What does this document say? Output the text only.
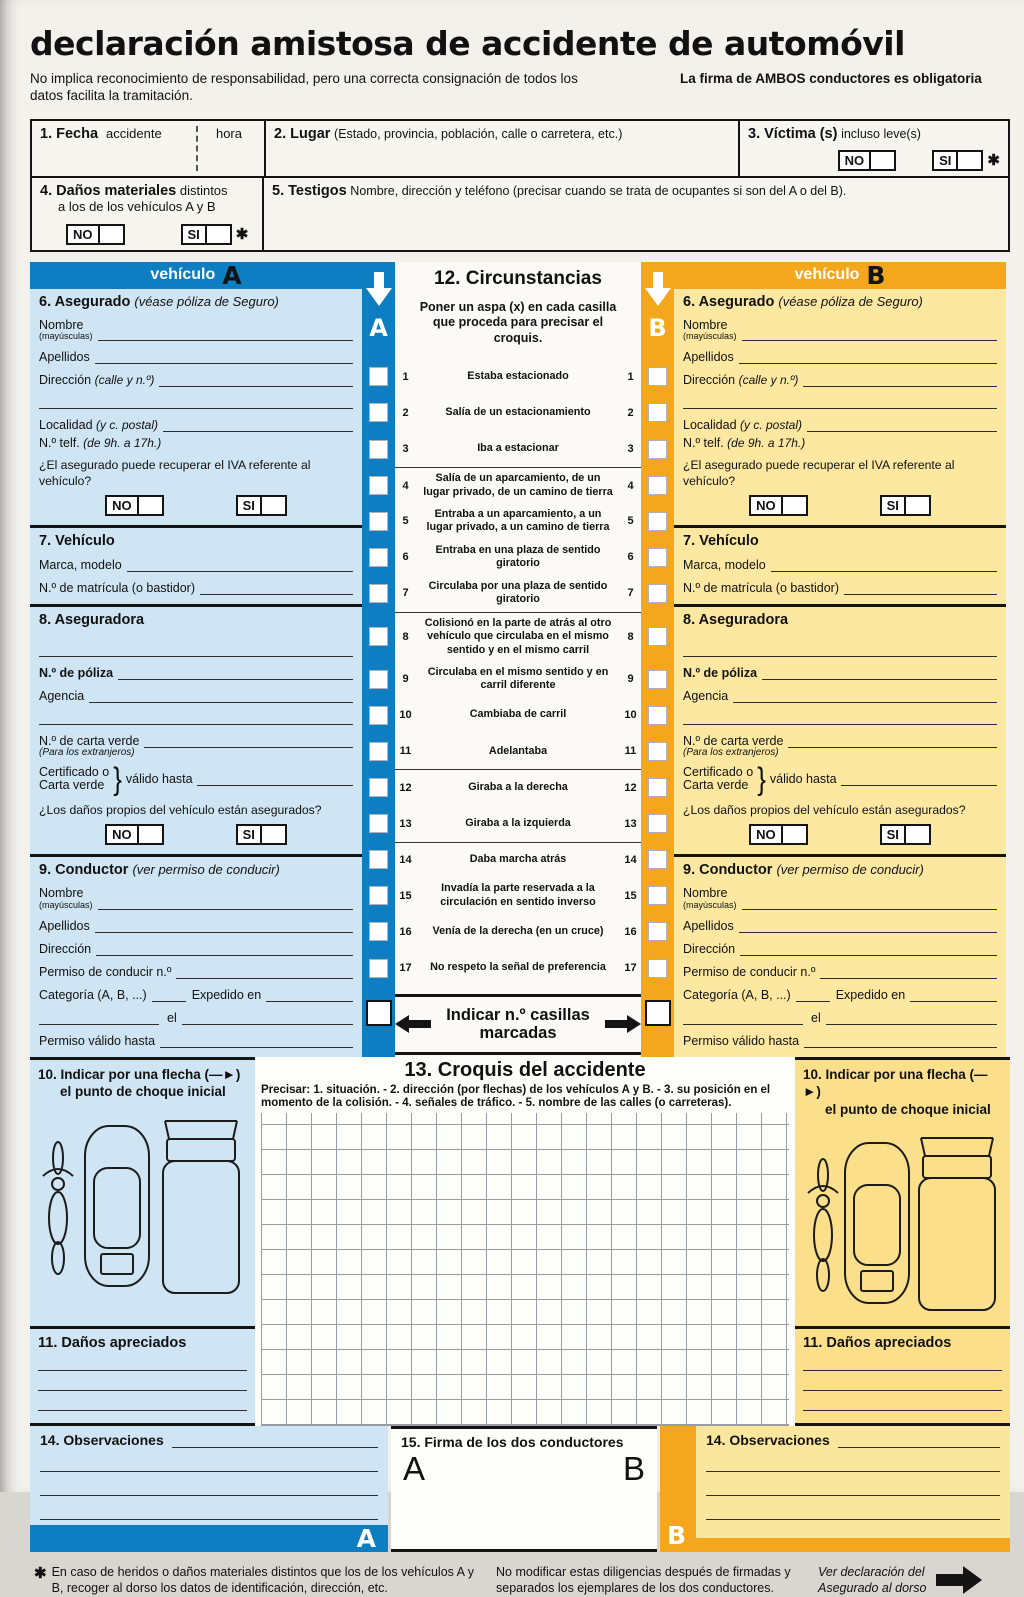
declaración amistosa de accidente de automóvil
No implica reconocimiento de responsabilidad, pero una correcta consignación de todos los datos facilita la tramitación.
La firma de AMBOS conductores es obligatoria
1. Fecha accidente	hora	2. Lugar (Estado, provincia, población, calle o carretera, etc.)	3. Víctima (s) incluso leve(s)
NO	SI	✱
4. Daños materiales distintos
a los de los vehículos A y B
NO	SI	✱
5. Testigos Nombre, dirección y teléfono (precisar cuando se trata de ocupantes si son del A o del B).
vehículo A
6. Asegurado (véase póliza de Seguro)
Nombre
(mayúsculas)
Apellidos
Dirección
(calle y n.º)
Localidad
(y c. postal)
N.º telf.
(de 9h. a 17h.)
¿El asegurado puede recuperar el IVA referente al vehículo?
NO	SI
7. Vehículo
Marca, modelo
N.º de matrícula (o bastidor)
8. Aseguradora
N.º de póliza
Agencia
N.º de carta verde
(Para los extranjeros)
Certificado o
Carta verde } válido hasta
¿Los daños propios del vehículo están asegurados?
NO	SI
9. Conductor (ver permiso de conducir)
Nombre
(mayúsculas)
Apellidos
Dirección
Permiso de conducir n.º
Categoría (A, B, ...)	Expedido en
el
Permiso válido hasta
A
12. Circunstancias
Poner un aspa (x) en cada casilla que proceda para precisar el croquis.	B
1	Estaba estacionado	1
2	Salía de un estacionamiento	2
3	Iba a estacionar	3
4
Salía de un aparcamiento, de un lugar privado, de un camino de tierra	4
5
Entraba a un aparcamiento, a un lugar privado, a un camino de tierra	5
6
Entraba en una plaza de sentido giratorio	6
7
Circulaba por una plaza de sentido giratorio	7
8
Colisionó en la parte de atrás al otro vehículo que circulaba en el mismo sentido y en el mismo carril
8
9
Circulaba en el mismo sentido y en carril diferente	9
10	Cambiaba de carril	10
11	Adelantaba	11
12	Giraba a la derecha	12
13	Giraba a la izquierda	13
14	Daba marcha atrás	14
15
Invadía la parte reservada a la circulación en sentido inverso	15
16	Venía de la derecha (en un cruce)	16
17	No respeto la señal de preferencia	17
Indicar n.º casillas marcadas
vehículo B
6. Asegurado (véase póliza de Seguro)
Nombre
(mayúsculas)
Apellidos
Dirección
(calle y n.º)
Localidad
(y c. postal)
N.º telf.
(de 9h. a 17h.)
¿El asegurado puede recuperar el IVA referente al vehículo?
NO	SI
7. Vehículo
Marca, modelo
N.º de matrícula (o bastidor)
8. Aseguradora
N.º de póliza
Agencia
N.º de carta verde
(Para los extranjeros)
Certificado o
Carta verde } válido hasta
¿Los daños propios del vehículo están asegurados?
NO	SI
9. Conductor (ver permiso de conducir)
Nombre
(mayúsculas)
Apellidos
Dirección
Permiso de conducir n.º
Categoría (A, B, ...)	Expedido en
el
Permiso válido hasta
10. Indicar por una flecha (—►)
el punto de choque inicial
11. Daños apreciados
13. Croquis del accidente
Precisar: 1. situación. - 2. dirección (por flechas) de los vehículos A y B. - 3. su posición en el momento de la colisión. - 4. señales de tráfico. - 5. nombre de las calles (o carreteras).
10. Indicar por una flecha (—►)
el punto de choque inicial
11. Daños apreciados
14. Observaciones
A
15. Firma de los dos conductores
A	B
B
14. Observaciones
✱ En caso de heridos o daños materiales distintos que los de los vehículos A y B, recoger al dorso los datos de identificación, dirección, etc.
No modificar estas diligencias después de firmadas y separados los ejemplares de los dos conductores.
Ver declaración del
Asegurado al dorso
